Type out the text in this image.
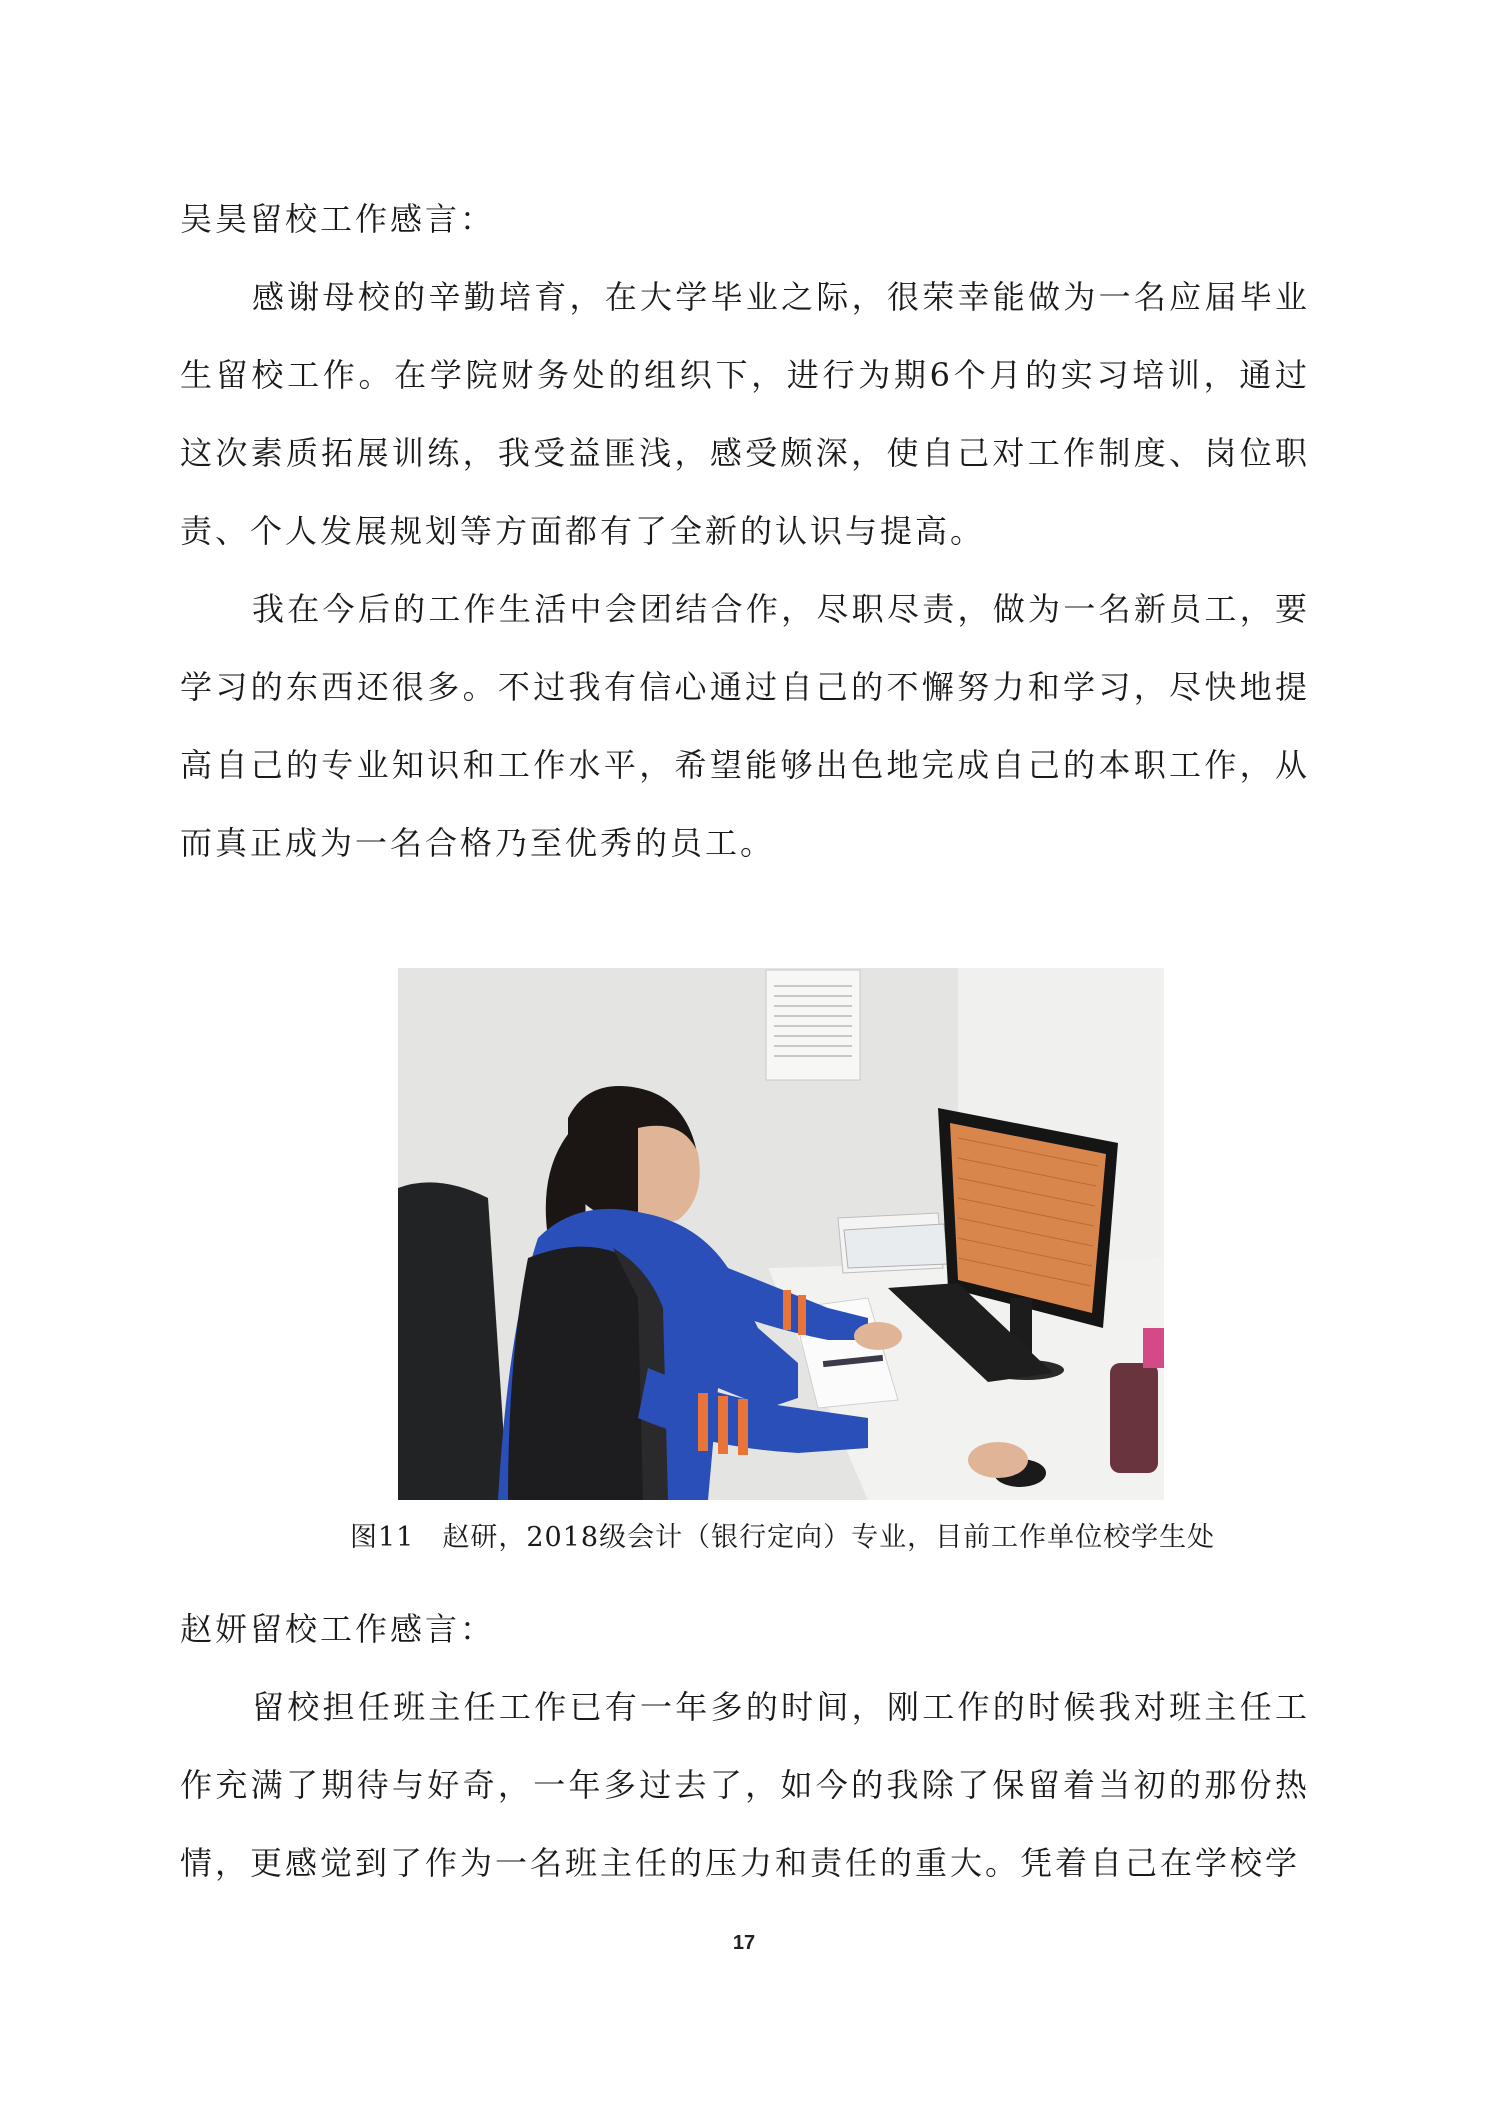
吴昊留校工作感言：

感谢母校的辛勤培育，在大学毕业之际，很荣幸能做为一名应届毕业生留校工作。在学院财务处的组织下，进行为期6个月的实习培训，通过这次素质拓展训练，我受益匪浅，感受颇深，使自己对工作制度、岗位职责、个人发展规划等方面都有了全新的认识与提高。

我在今后的工作生活中会团结合作，尽职尽责，做为一名新员工，要学习的东西还很多。不过我有信心通过自己的不懈努力和学习，尽快地提高自己的专业知识和工作水平，希望能够出色地完成自己的本职工作，从而真正成为一名合格乃至优秀的员工。

图11　赵研，2018级会计（银行定向）专业，目前工作单位校学生处

赵妍留校工作感言：

留校担任班主任工作已有一年多的时间，刚工作的时候我对班主任工作充满了期待与好奇，一年多过去了，如今的我除了保留着当初的那份热情，更感觉到了作为一名班主任的压力和责任的重大。凭着自己在学校学

17
